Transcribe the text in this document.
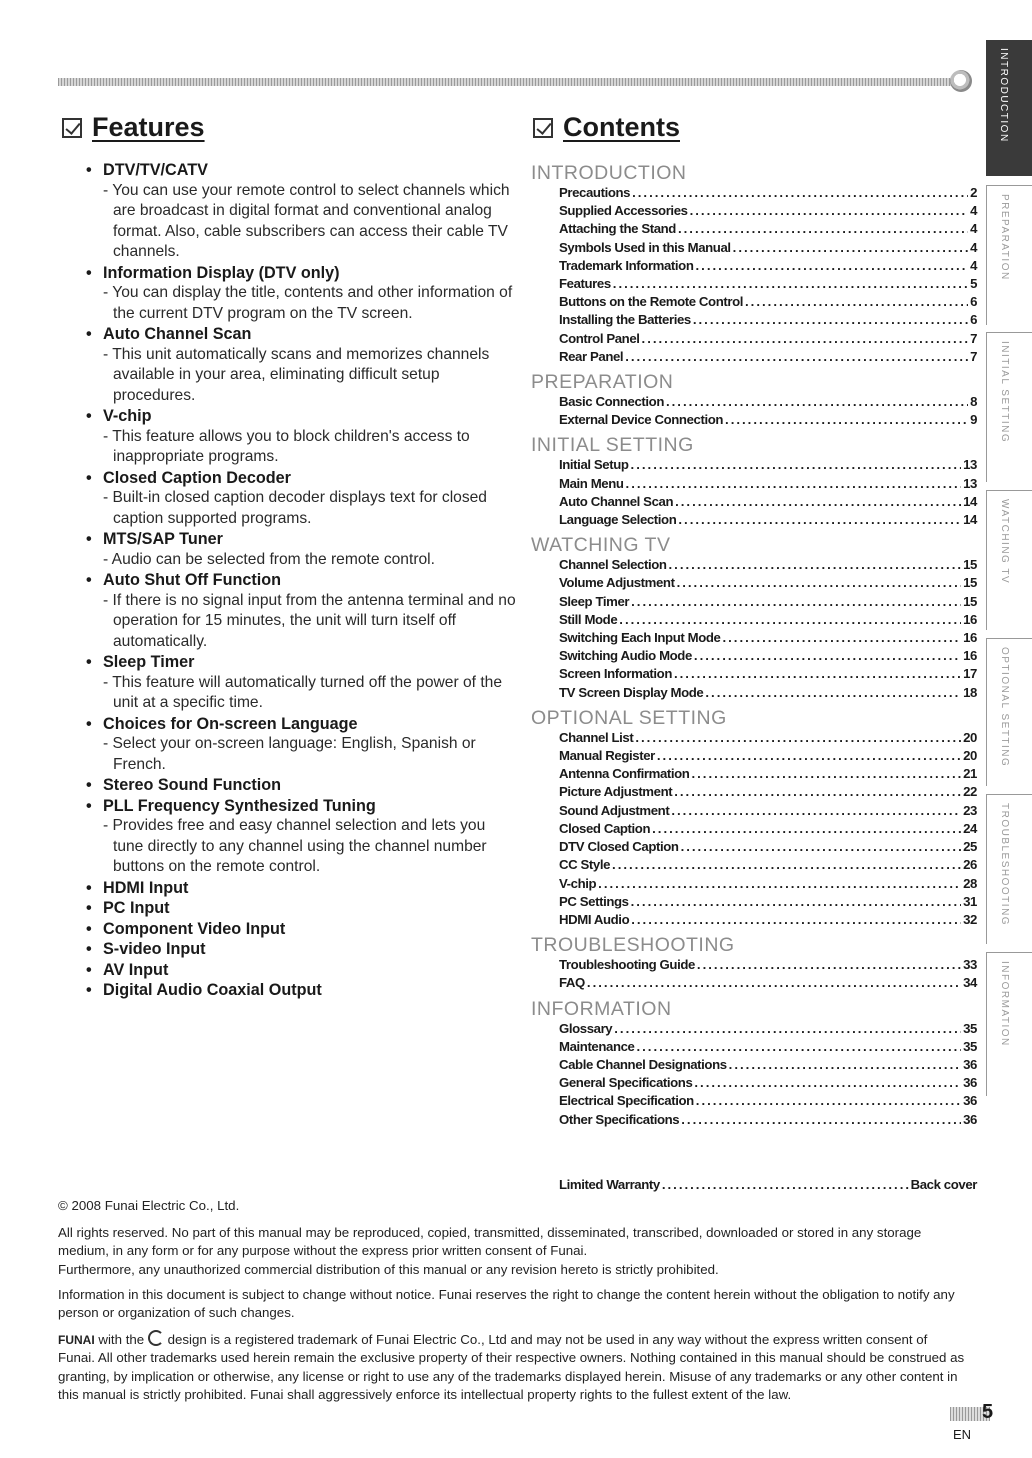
Features	Contents
• DTV/TV/CATV
- You can use your remote control to select channels which are broadcast in digital format and conventional analog format. Also, cable subscribers can access their cable TV channels.
• Information Display (DTV only)
- You can display the title, contents and other information of the current DTV program on the TV screen.
• Auto Channel Scan
- This unit automatically scans and memorizes channels available in your area, eliminating difficult setup procedures.
• V-chip
- This feature allows you to block children's access to inappropriate programs.
• Closed Caption Decoder
- Built-in closed caption decoder displays text for closed caption supported programs.
• MTS/SAP Tuner
- Audio can be selected from the remote control.
• Auto Shut Off Function
- If there is no signal input from the antenna terminal and no operation for 15 minutes, the unit will turn itself off automatically.
• Sleep Timer
- This feature will automatically turned off the power of the unit at a specific time.
• Choices for On-screen Language
- Select your on-screen language: English, Spanish or French.
• Stereo Sound Function
• PLL Frequency Synthesized Tuning
- Provides free and easy channel selection and lets you tune directly to any channel using the channel number buttons on the remote control.
• HDMI Input
• PC Input
• Component Video Input
• S-video Input
• AV Input
• Digital Audio Coaxial Output
INTRODUCTION
Precautions .....	2
Supplied Accessories .....	4
Attaching the Stand .....	4
Symbols Used in this Manual .....	4
Trademark Information .....	4
Features .....	5
Buttons on the Remote Control .....	6
Installing the Batteries .....	6
Control Panel .....	7
Rear Panel .....	7
PREPARATION
Basic Connection .....	8
External Device Connection .....	9
INITIAL SETTING
Initial Setup .....	13
Main Menu .....	13
Auto Channel Scan .....	14
Language Selection .....	14
WATCHING TV
Channel Selection .....	15
Volume Adjustment .....	15
Sleep Timer .....	15
Still Mode .....	16
Switching Each Input Mode .....	16
Switching Audio Mode .....	16
Screen Information .....	17
TV Screen Display Mode .....	18
OPTIONAL SETTING
Channel List .....	20
Manual Register .....	20
Antenna Confirmation .....	21
Picture Adjustment .....	22
Sound Adjustment .....	23
Closed Caption .....	24
DTV Closed Caption .....	25
CC Style .....	26
V-chip .....	28
PC Settings .....	31
HDMI Audio .....	32
TROUBLESHOOTING
Troubleshooting Guide .....	33
FAQ .....	34
INFORMATION
Glossary .....	35
Maintenance .....	35
Cable Channel Designations .....	36
General Specifications .....	36
Electrical Specification .....	36
Other Specifications .....	36
Limited Warranty .....	Back cover
© 2008 Funai Electric Co., Ltd.
All rights reserved. No part of this manual may be reproduced, copied, transmitted, disseminated, transcribed, downloaded or stored in any storage medium, in any form or for any purpose without the express prior written consent of Funai.
Furthermore, any unauthorized commercial distribution of this manual or any revision hereto is strictly prohibited.
Information in this document is subject to change without notice. Funai reserves the right to change the content herein without the obligation to notify any person or organization of such changes.
FUNAI with the  design is a registered trademark of Funai Electric Co., Ltd and may not be used in any way without the express written consent of Funai. All other trademarks used herein remain the exclusive property of their respective owners. Nothing contained in this manual should be construed as granting, by implication or otherwise, any license or right to use any of the trademarks displayed herein. Misuse of any trademarks or any other content in this manual is strictly prohibited. Funai shall aggressively enforce its intellectual property rights to the fullest extent of the law.
INTRODUCTION
PREPARATION
INITIAL SETTING
WATCHING TV
OPTIONAL SETTING
TROUBLESHOOTING
INFORMATION
5
EN
